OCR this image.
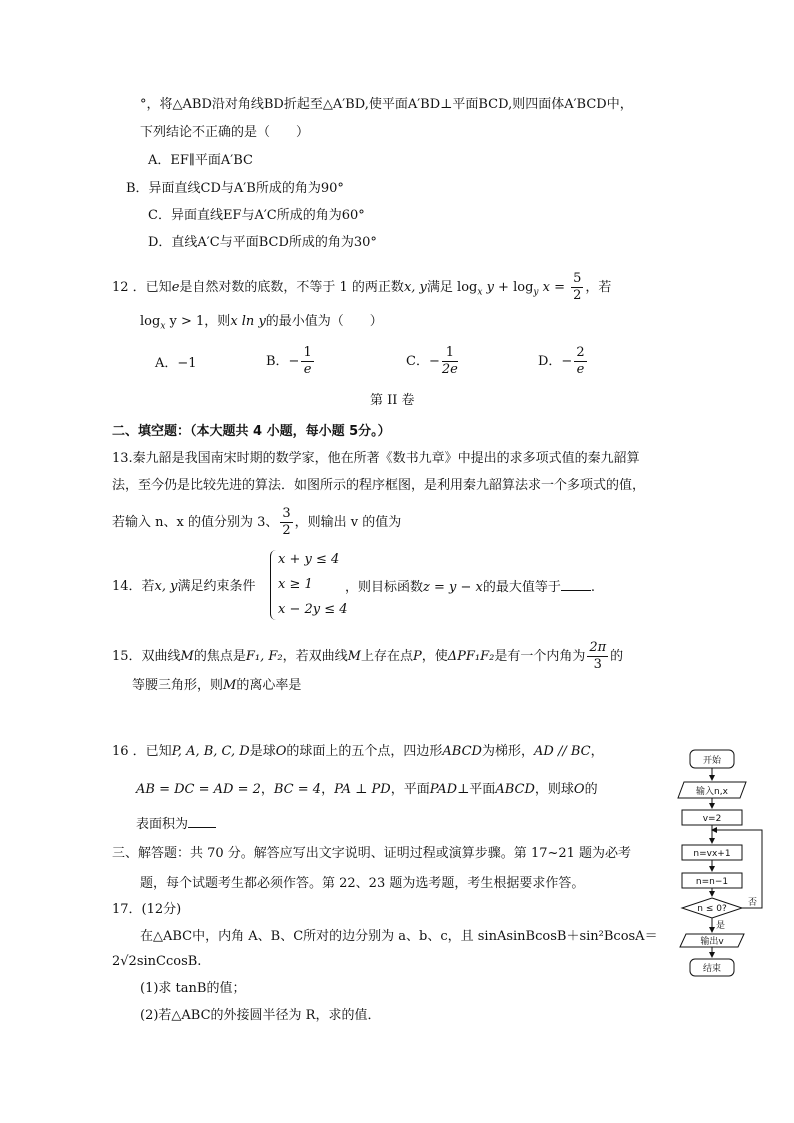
°，将△ABD沿对角线BD折起至△A′BD,使平面A′BD⊥平面BCD,则四面体A′BCD中，
下列结论不正确的是（　　）
A．EF∥平面A′BC
B．异面直线CD与A′B所成的角为90°
C．异面直线EF与A′C所成的角为60°
D．直线A′C与平面BCD所成的角为30°
12 ．已知e是自然对数的底数，不等于 1 的两正数x, y满足 $\log_x y + \log_y x = \frac{5}{2}$ ，若
$\log_x y > 1$，则x ln y的最小值为（　　）
A．−1	B．− $\frac{1}{e}$	C．− $\frac{1}{2e}$	D．− $\frac{2}{e}$
第 II 卷
二、填空题：（本大题共 4 小题，每小题 5分。）
13.秦九韶是我国南宋时期的数学家，他在所著《数书九章》中提出的求多项式值的秦九韶算
法，至今仍是比较先进的算法．如图所示的程序框图，是利用秦九韶算法求一个多项式的值，
若输入 n、x 的值分别为 3、 $\frac{3}{2}$ ，则输出 v 的值为
14．若x, y满足约束条件
x + y ≤ 4
x ≥ 1
x − 2y ≤ 4
，则目标函数z = y − x的最大值等于 .
15．双曲线M的焦点是F₁, F₂，若双曲线M上存在点P，使ΔPF₁F₂是有一个内角为 $\frac{2\pi}{3}$ 的
等腰三角形，则M的离心率是
16 ．已知P, A, B, C, D是球O的球面上的五个点，四边形ABCD为梯形，AD // BC，
AB = DC = AD = 2，BC = 4，PA ⊥ PD，平面PAD⊥平面ABCD，则球O的
表面积为
三、解答题：共 70 分。解答应写出文字说明、证明过程或演算步骤。第 17~21 题为必考
题，每个试题考生都必须作答。第 22、23 题为选考题，考生根据要求作答。
17．(12分)
在△ABC中，内角 A、B、C所对的边分别为 a、b、c，且 sinAsinBcosB＋sin²BcosA＝
2√2sinCcosB.
(1)求 tanB的值；
(2)若△ABC的外接圆半径为 R，求的值．
开始
输入n,x
v=2
n=vx+1
n=n−1
n ≤ 0?
否
是
输出v
结束
